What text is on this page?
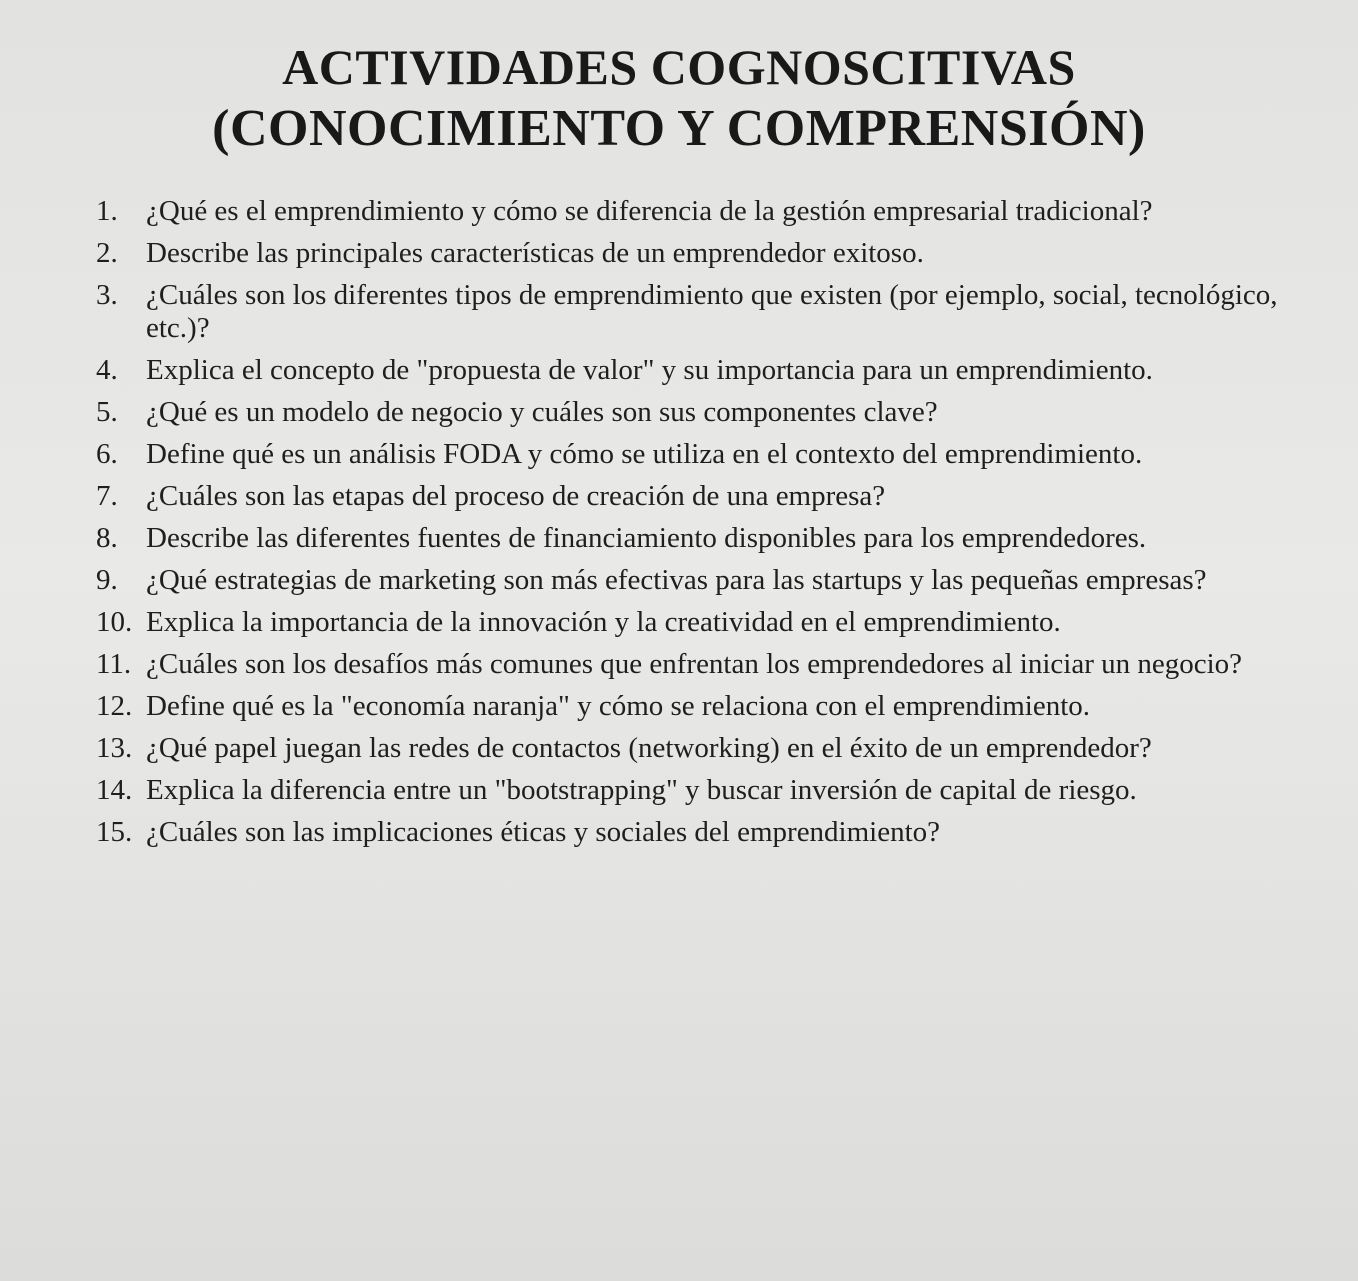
ACTIVIDADES COGNOSCITIVAS
(CONOCIMIENTO Y COMPRENSIÓN)
1. ¿Qué es el emprendimiento y cómo se diferencia de la gestión empresarial tradicional?
2. Describe las principales características de un emprendedor exitoso.
3. ¿Cuáles son los diferentes tipos de emprendimiento que existen (por ejemplo, social, tecnológico, etc.)?
4. Explica el concepto de "propuesta de valor" y su importancia para un emprendimiento.
5. ¿Qué es un modelo de negocio y cuáles son sus componentes clave?
6. Define qué es un análisis FODA y cómo se utiliza en el contexto del emprendimiento.
7. ¿Cuáles son las etapas del proceso de creación de una empresa?
8. Describe las diferentes fuentes de financiamiento disponibles para los emprendedores.
9. ¿Qué estrategias de marketing son más efectivas para las startups y las pequeñas empresas?
10. Explica la importancia de la innovación y la creatividad en el emprendimiento.
11. ¿Cuáles son los desafíos más comunes que enfrentan los emprendedores al iniciar un negocio?
12. Define qué es la "economía naranja" y cómo se relaciona con el emprendimiento.
13. ¿Qué papel juegan las redes de contactos (networking) en el éxito de un emprendedor?
14. Explica la diferencia entre un "bootstrapping" y buscar inversión de capital de riesgo.
15. ¿Cuáles son las implicaciones éticas y sociales del emprendimiento?
